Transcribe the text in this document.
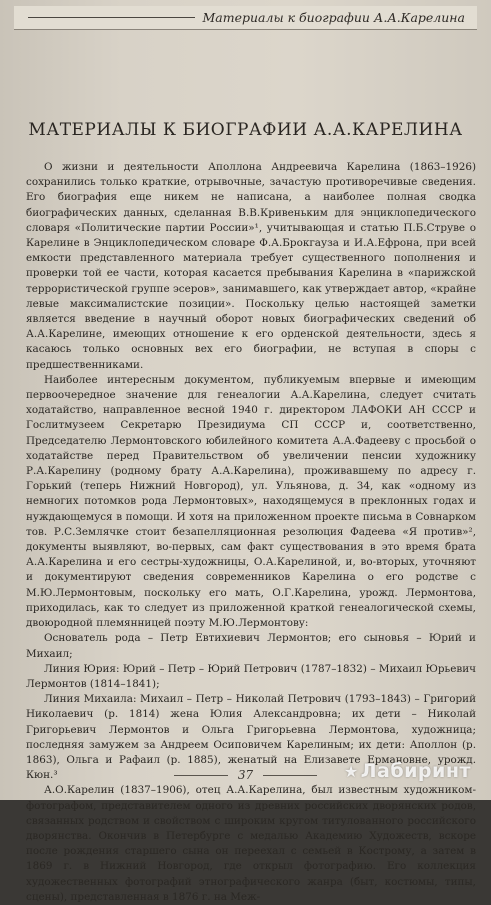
Материалы к биографии А.А.Карелина
МАТЕРИАЛЫ К БИОГРАФИИ А.А.КАРЕЛИНА

О жизни и деятельности Аполлона Андреевича Карелина (1863–1926) сохранились только краткие, отрывочные, зачастую противоречивые сведения. Его биография еще никем не написана, а наиболее полная сводка биографических данных, сделанная В.В.Кривеньким для энциклопедического словаря «Политические партии России»¹, учитывающая и статью П.Б.Струве о Карелине в Энциклопедическом словаре Ф.А.Брокгауза и И.А.Ефрона, при всей емкости представленного материала требует существенного пополнения и проверки той ее части, которая касается пребывания Карелина в «парижской террористической группе эсеров», занимавшего, как утверждает автор, «крайне левые максималистские позиции». Поскольку целью настоящей заметки является введение в научный оборот новых биографических сведений об А.А.Карелине, имеющих отношение к его орденской деятельности, здесь я касаюсь только основных вех его биографии, не вступая в споры с предшественниками.

Наиболее интересным документом, публикуемым впервые и имеющим первоочередное значение для генеалогии А.А.Карелина, следует считать ходатайство, направленное весной 1940 г. директором ЛАФОКИ АН СССР и Гослитмузеем Секретарю Президиума СП СССР и, соответственно, Председателю Лермонтовского юбилейного комитета А.А.Фадееву с просьбой о ходатайстве перед Правительством об увеличении пенсии художнику Р.А.Карелину (родному брату А.А.Карелина), проживавшему по адресу г. Горький (теперь Нижний Новгород), ул. Ульянова, д. 34, как «одному из немногих потомков рода Лермонтовых», находящемуся в преклонных годах и нуждающемуся в помощи. И хотя на приложенном проекте письма в Совнарком тов. Р.С.Землячке стоит безапелляционная резолюция Фадеева «Я против»², документы выявляют, во-первых, сам факт существования в это время брата А.А.Карелина и его сестры-художницы, О.А.Карелиной, и, во-вторых, уточняют и документируют сведения современников Карелина о его родстве с М.Ю.Лермонтовым, поскольку его мать, О.Г.Карелина, урожд. Лермонтова, приходилась, как то следует из приложенной краткой генеалогической схемы, двоюродной племянницей поэту М.Ю.Лермонтову:

Основатель рода – Петр Евтихиевич Лермонтов; его сыновья – Юрий и Михаил;

Линия Юрия: Юрий – Петр – Юрий Петрович (1787–1832) – Михаил Юрьевич Лермонтов (1814–1841);

Линия Михаила: Михаил – Петр – Николай Петрович (1793–1843) – Григорий Николаевич (р. 1814) жена Юлия Александровна; их дети – Николай Григорьевич Лермонтов и Ольга Григорьевна Лермонтова, художница; последняя замужем за Андреем Осиповичем Карелиным; их дети: Аполлон (р. 1863), Ольга и Рафаил (р. 1885), женатый на Елизавете Ермановне, урожд. Кюн.³

А.О.Карелин (1837–1906), отец А.А.Карелина, был известным художником-фотографом, представителем одного из древних российских дворянских родов, связанных родством и свойством с широким кругом титулованного российского дворянства. Окончив в Петербурге с медалью Академию Художеств, вскоре после рождения старшего сына он переехал с семьей в Кострому, а затем в 1869 г. в Нижний Новгород, где открыл фотографию. Его коллекция художественных фотографий этнографического жанра (быт, костюмы, типы, сцены), представленная в 1876 г. на Меж-

37	★ Лабиринт
